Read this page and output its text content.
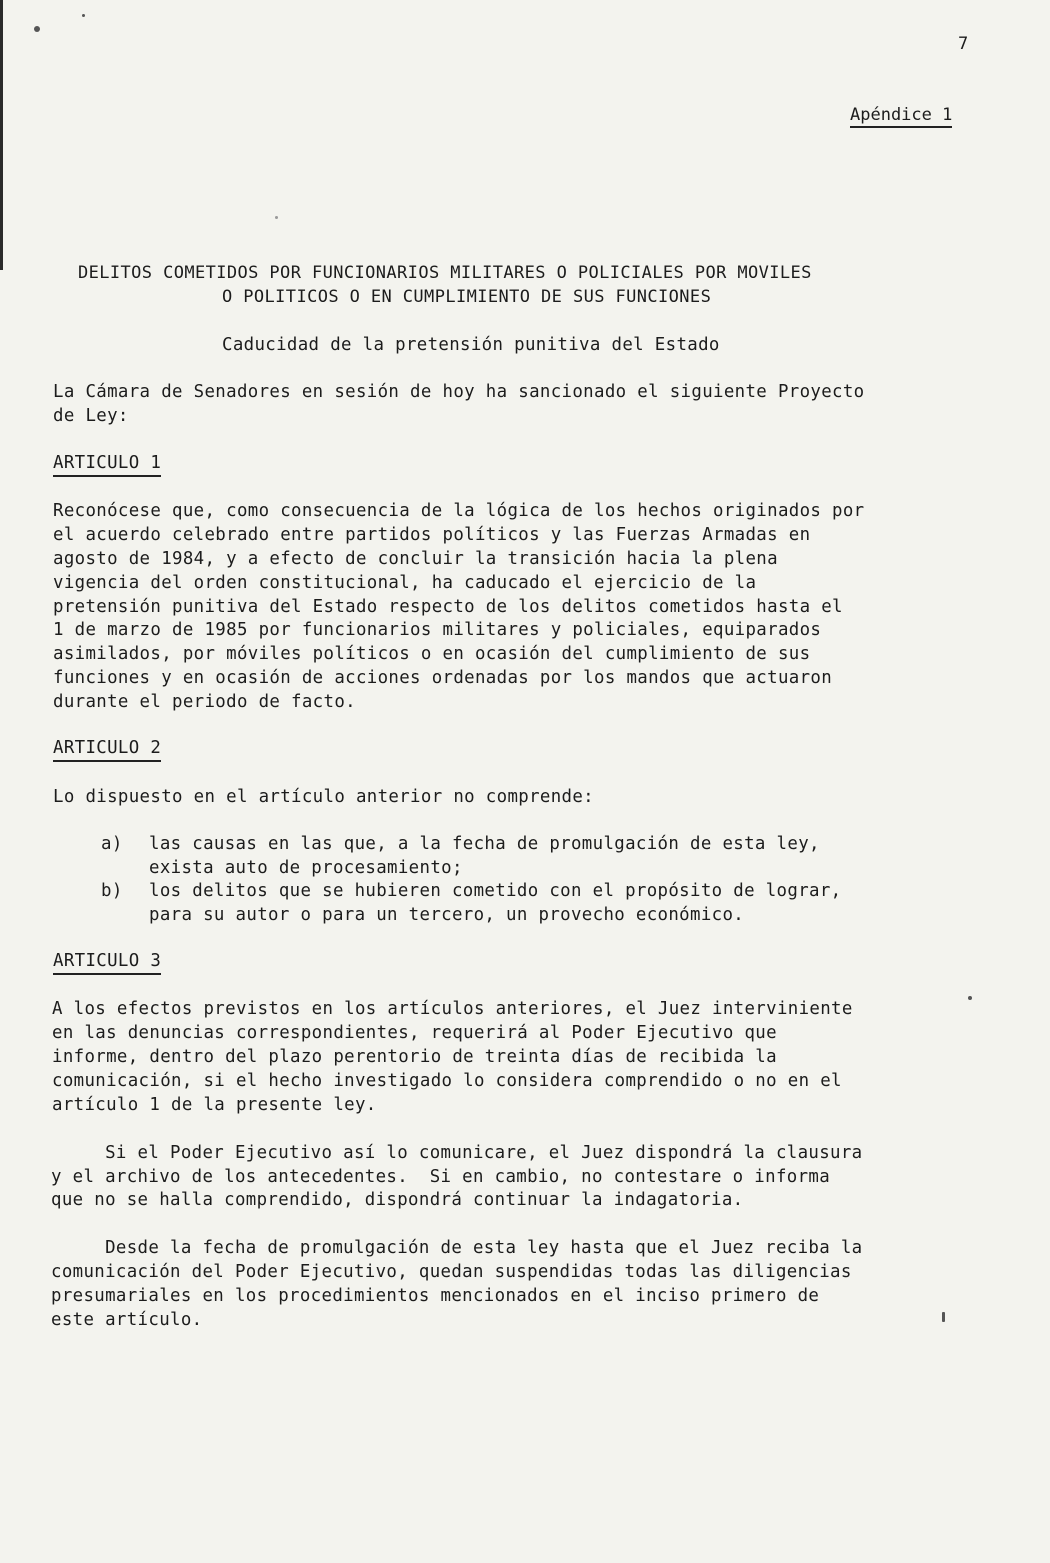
7
Apéndice 1
DELITOS COMETIDOS POR FUNCIONARIOS MILITARES O POLICIALES POR MOVILES
O POLITICOS O EN CUMPLIMIENTO DE SUS FUNCIONES
Caducidad de la pretensión punitiva del Estado
La Cámara de Senadores en sesión de hoy ha sancionado el siguiente Proyecto
de Ley:
ARTICULO 1
Reconócese que, como consecuencia de la lógica de los hechos originados por
el acuerdo celebrado entre partidos políticos y las Fuerzas Armadas en
agosto de 1984, y a efecto de concluir la transición hacia la plena
vigencia del orden constitucional, ha caducado el ejercicio de la
pretensión punitiva del Estado respecto de los delitos cometidos hasta el
1 de marzo de 1985 por funcionarios militares y policiales, equiparados
asimilados, por móviles políticos o en ocasión del cumplimiento de sus
funciones y en ocasión de acciones ordenadas por los mandos que actuaron
durante el periodo de facto.
ARTICULO 2
Lo dispuesto en el artículo anterior no comprende:
a) las causas en las que, a la fecha de promulgación de esta ley,
exista auto de procesamiento;
b) los delitos que se hubieren cometido con el propósito de lograr,
para su autor o para un tercero, un provecho económico.
ARTICULO 3
A los efectos previstos en los artículos anteriores, el Juez interviniente
en las denuncias correspondientes, requerirá al Poder Ejecutivo que
informe, dentro del plazo perentorio de treinta días de recibida la
comunicación, si el hecho investigado lo considera comprendido o no en el
artículo 1 de la presente ley.
Si el Poder Ejecutivo así lo comunicare, el Juez dispondrá la clausura
y el archivo de los antecedentes.  Si en cambio, no contestare o informa
que no se halla comprendido, dispondrá continuar la indagatoria.
Desde la fecha de promulgación de esta ley hasta que el Juez reciba la
comunicación del Poder Ejecutivo, quedan suspendidas todas las diligencias
presumariales en los procedimientos mencionados en el inciso primero de
este artículo.
